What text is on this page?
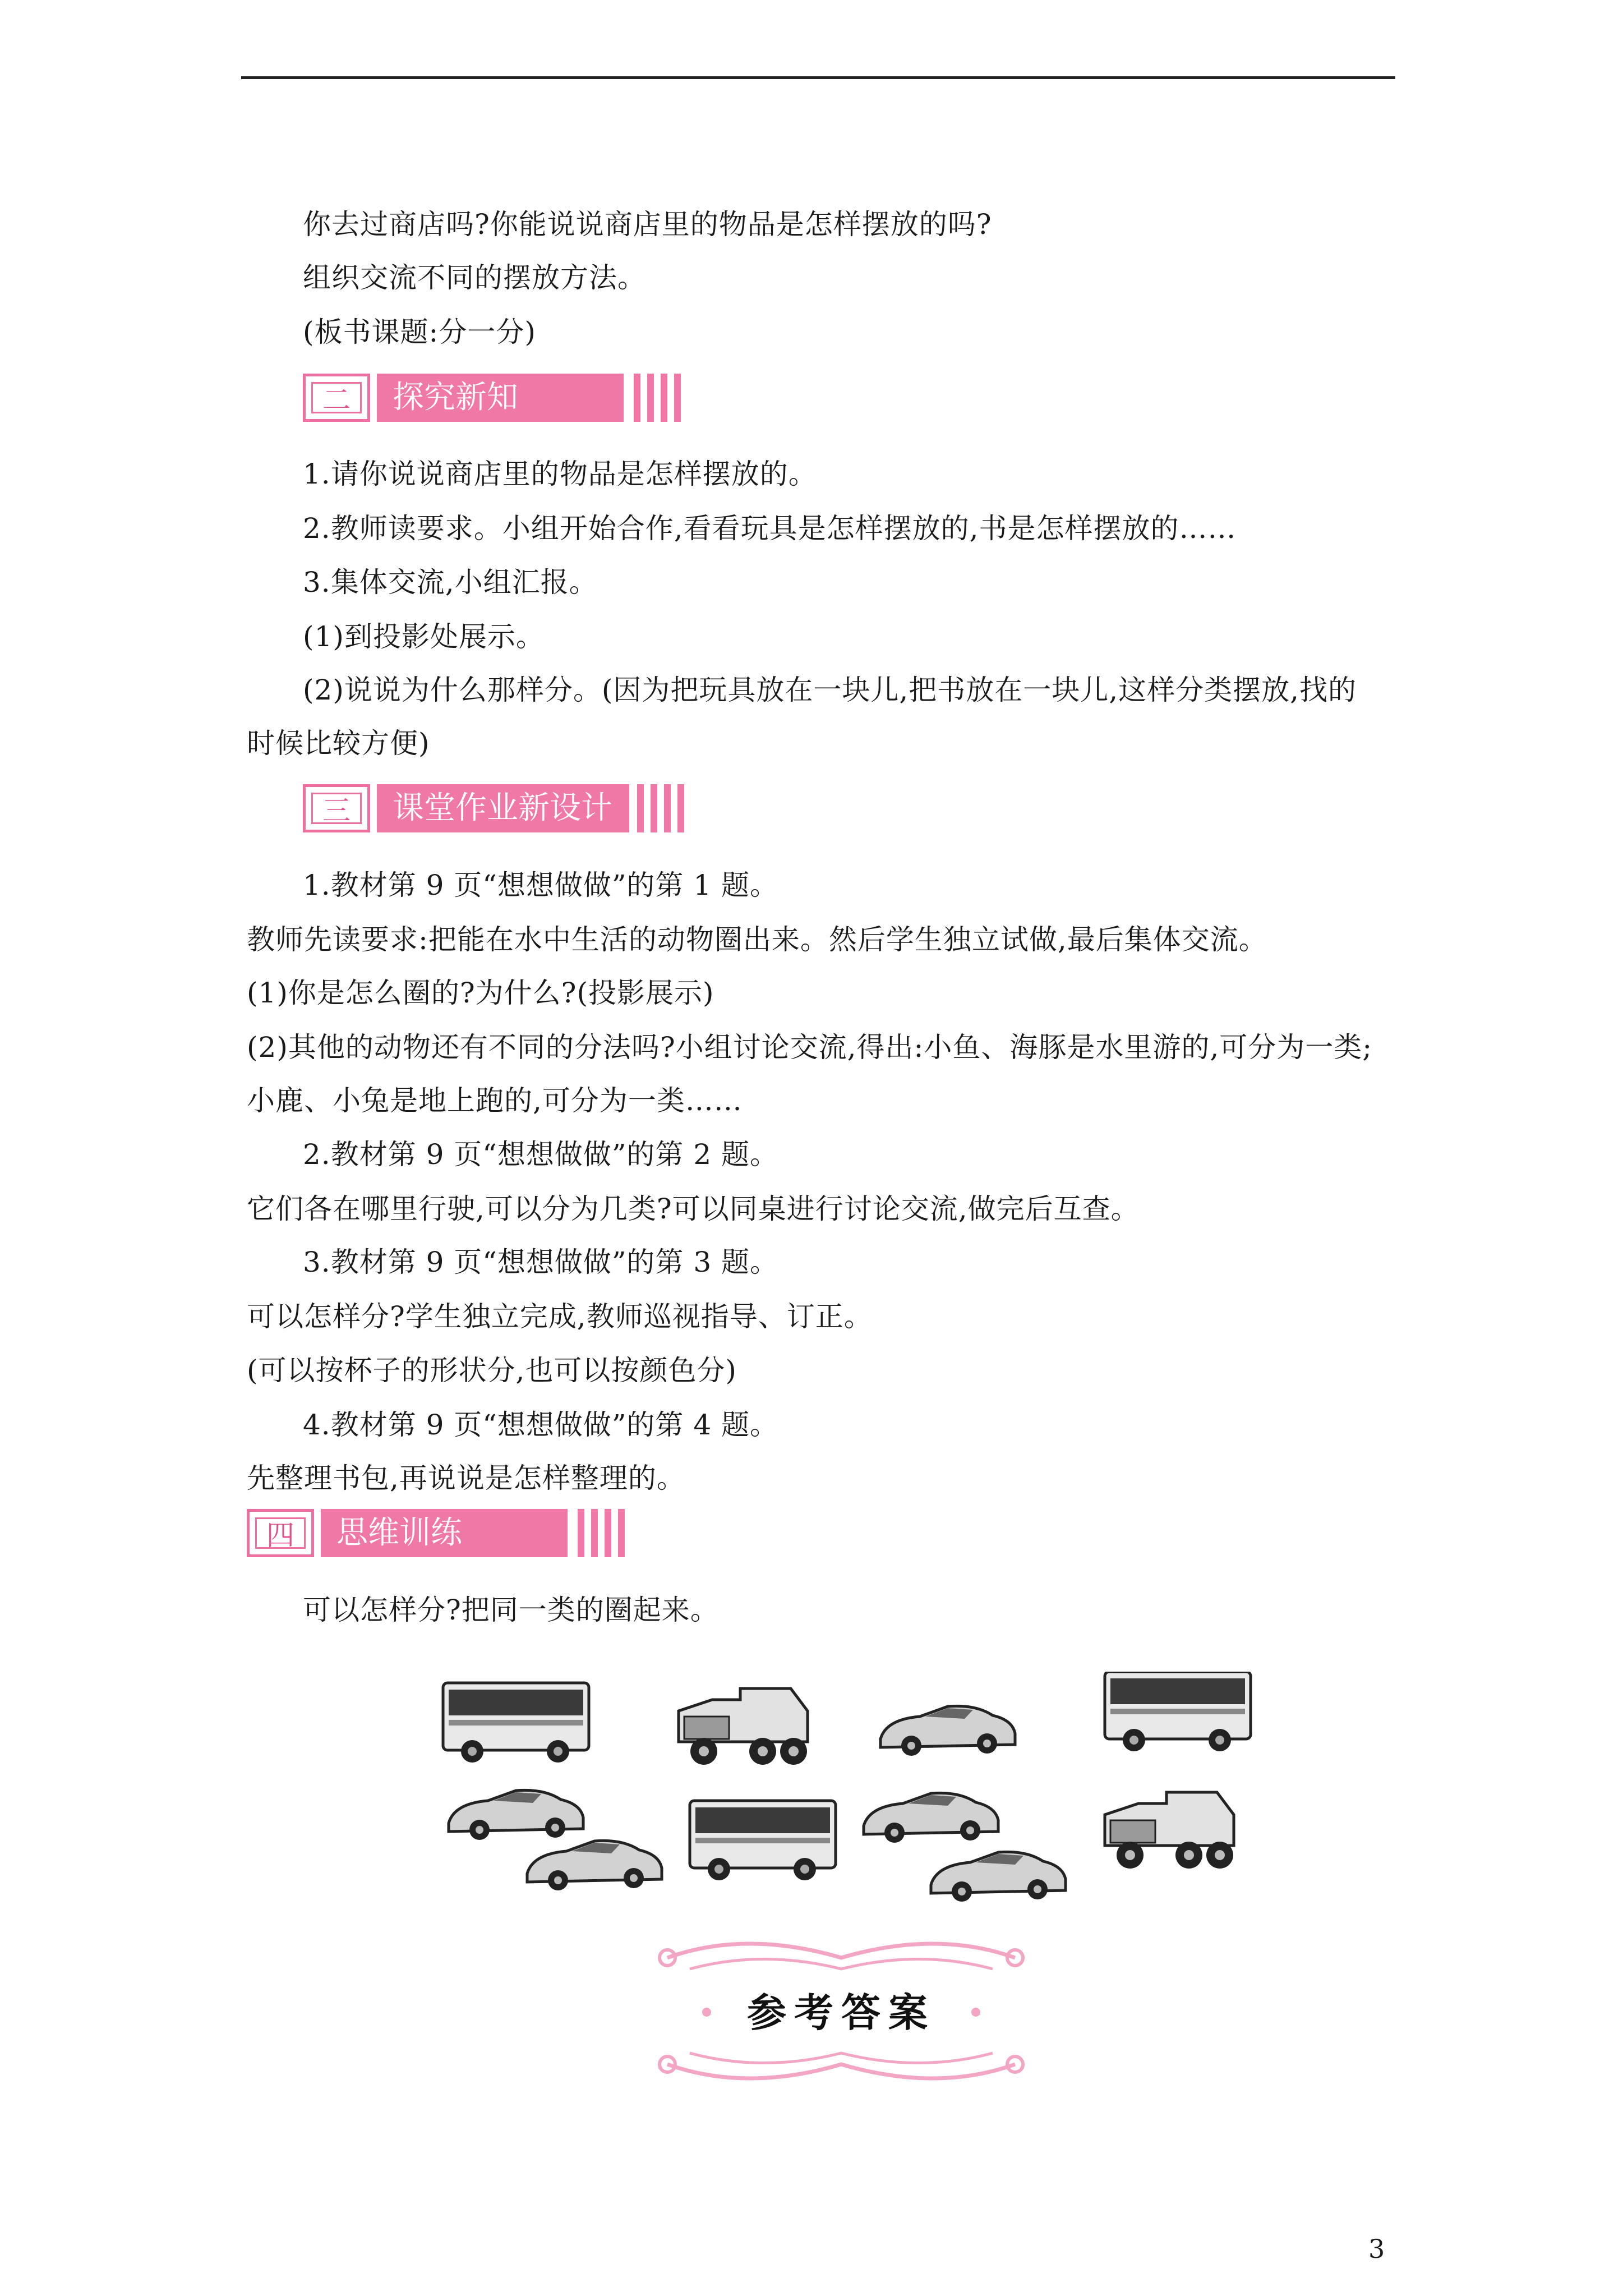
你去过商店吗?你能说说商店里的物品是怎样摆放的吗?
组织交流不同的摆放方法。
(板书课题:分一分)
二	探究新知
1.请你说说商店里的物品是怎样摆放的。
2.教师读要求。小组开始合作,看看玩具是怎样摆放的,书是怎样摆放的……
3.集体交流,小组汇报。
(1)到投影处展示。
(2)说说为什么那样分。(因为把玩具放在一块儿,把书放在一块儿,这样分类摆放,找的
时候比较方便)
三	课堂作业新设计
1.教材第 9 页“想想做做”的第 1 题。
教师先读要求:把能在水中生活的动物圈出来。然后学生独立试做,最后集体交流。
(1)你是怎么圈的?为什么?(投影展示)
(2)其他的动物还有不同的分法吗?小组讨论交流,得出:小鱼、海豚是水里游的,可分为一类;
小鹿、小兔是地上跑的,可分为一类……
2.教材第 9 页“想想做做”的第 2 题。
它们各在哪里行驶,可以分为几类?可以同桌进行讨论交流,做完后互查。
3.教材第 9 页“想想做做”的第 3 题。
可以怎样分?学生独立完成,教师巡视指导、订正。
(可以按杯子的形状分,也可以按颜色分)
4.教材第 9 页“想想做做”的第 4 题。
先整理书包,再说说是怎样整理的。
四	思维训练
可以怎样分?把同一类的圈起来。
参考答案
3
